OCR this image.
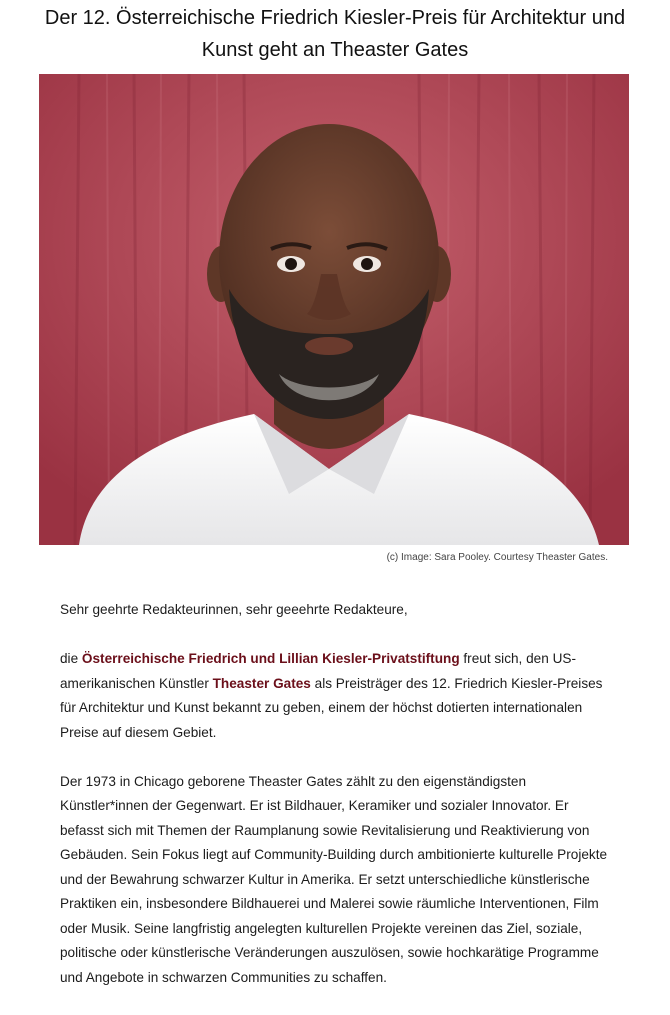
Der 12. Österreichische Friedrich Kiesler-Preis für Architektur und Kunst geht an Theaster Gates
(c) Image: Sara Pooley. Courtesy Theaster Gates.

Sehr geehrte Redakteurinnen, sehr geeehrte Redakteure,

die Österreichische Friedrich und Lillian Kiesler-Privatstiftung freut sich, den US-amerikanischen Künstler Theaster Gates als Preisträger des 12. Friedrich Kiesler-Preises für Architektur und Kunst bekannt zu geben, einem der höchst dotierten internationalen Preise auf diesem Gebiet.

Der 1973 in Chicago geborene Theaster Gates zählt zu den eigenständigsten Künstler*innen der Gegenwart. Er ist Bildhauer, Keramiker und sozialer Innovator. Er befasst sich mit Themen der Raumplanung sowie Revitalisierung und Reaktivierung von Gebäuden. Sein Fokus liegt auf Community-Building durch ambitionierte kulturelle Projekte und der Bewahrung schwarzer Kultur in Amerika. Er setzt unterschiedliche künstlerische Praktiken ein, insbesondere Bildhauerei und Malerei sowie räumliche Interventionen, Film oder Musik. Seine langfristig angelegten kulturellen Projekte vereinen das Ziel, soziale, politische oder künstlerische Veränderungen auszulösen, sowie hochkarätige Programme und Angebote in schwarzen Communities zu schaffen.
